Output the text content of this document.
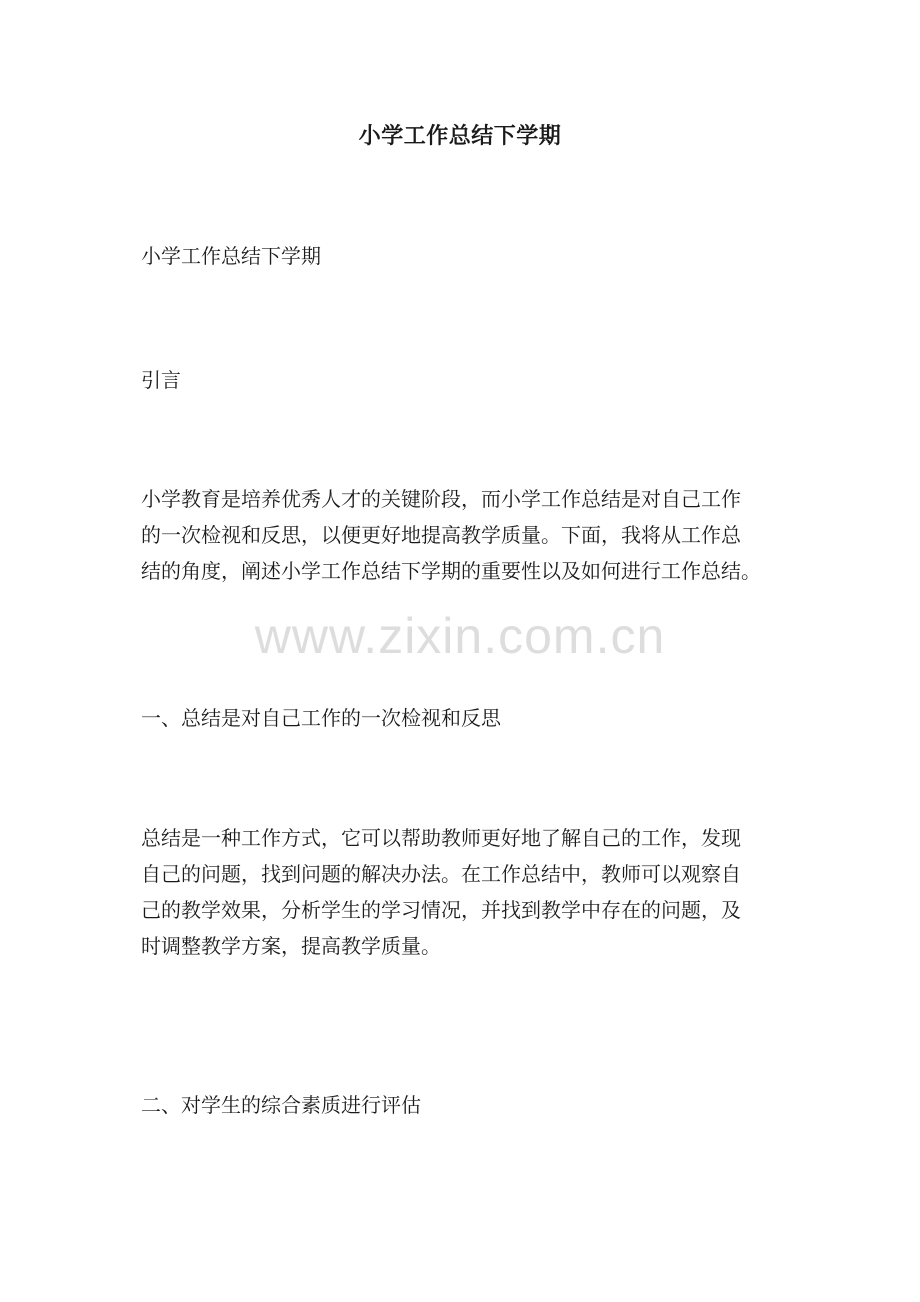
小学工作总结下学期
小学工作总结下学期
引言
小学教育是培养优秀人才的关键阶段，而小学工作总结是对自己工作
的一次检视和反思，以便更好地提高教学质量。下面，我将从工作总
结的角度，阐述小学工作总结下学期的重要性以及如何进行工作总结。
www.zixin.com.cn
一、总结是对自己工作的一次检视和反思
总结是一种工作方式，它可以帮助教师更好地了解自己的工作，发现
自己的问题，找到问题的解决办法。在工作总结中，教师可以观察自
己的教学效果，分析学生的学习情况，并找到教学中存在的问题，及
时调整教学方案，提高教学质量。
二、对学生的综合素质进行评估
